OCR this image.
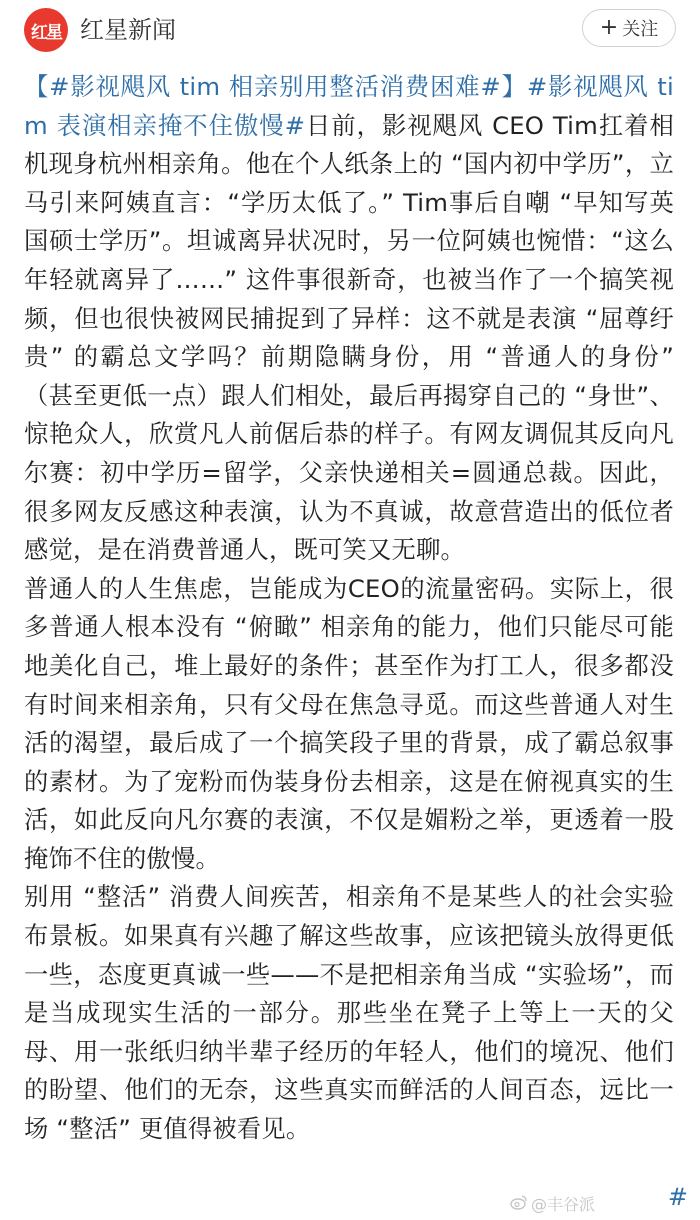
红星 红星新闻	+ 关注

【#影视飓风 tim 相亲别用整活消费困难#】#影视飓风 tim 表演相亲掩不住傲慢#日前，影视飓风 CEO Tim扛着相机现身杭州相亲角。他在个人纸条上的 “国内初中学历”，立马引来阿姨直言：“学历太低了。” Tim事后自嘲 “早知写英国硕士学历”。坦诚离异状况时，另一位阿姨也惋惜：“这么年轻就离异了……” 这件事很新奇，也被当作了一个搞笑视频，但也很快被网民捕捉到了异样：这不就是表演 “屈尊纡贵” 的霸总文学吗？前期隐瞒身份，用 “普通人的身份” （甚至更低一点）跟人们相处，最后再揭穿自己的 “身世”、惊艳众人，欣赏凡人前倨后恭的样子。有网友调侃其反向凡尔赛：初中学历=留学，父亲快递相关=圆通总裁。因此，很多网友反感这种表演，认为不真诚，故意营造出的低位者感觉，是在消费普通人，既可笑又无聊。

普通人的人生焦虑，岂能成为CEO的流量密码。实际上，很多普通人根本没有 “俯瞰” 相亲角的能力，他们只能尽可能地美化自己，堆上最好的条件；甚至作为打工人，很多都没有时间来相亲角，只有父母在焦急寻觅。而这些普通人对生活的渴望，最后成了一个搞笑段子里的背景，成了霸总叙事的素材。为了宠粉而伪装身份去相亲，这是在俯视真实的生活，如此反向凡尔赛的表演，不仅是媚粉之举，更透着一股掩饰不住的傲慢。

别用 “整活” 消费人间疾苦，相亲角不是某些人的社会实验布景板。如果真有兴趣了解这些故事，应该把镜头放得更低一些，态度更真诚一些——不是把相亲角当成 “实验场”，而是当成现实生活的一部分。那些坐在凳子上等上一天的父母、用一张纸归纳半辈子经历的年轻人，他们的境况、他们的盼望、他们的无奈，这些真实而鲜活的人间百态，远比一场 “整活” 更值得被看见。

@丰谷派	#
